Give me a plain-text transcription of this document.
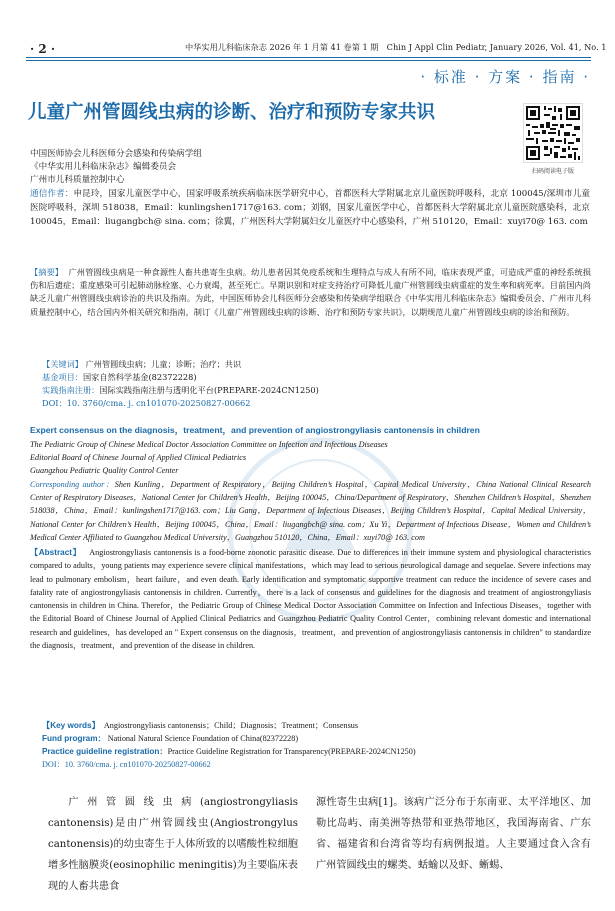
· 2 ·	中华实用儿科临床杂志 2026 年 1 月第 41 卷第 1 期　Chin J Appl Clin Pediatr, January 2026, Vol. 41, No. 1
· 标准 · 方案 · 指南 ·
儿童广州管圆线虫病的诊断、治疗和预防专家共识
扫码阅读电子版
中国医师协会儿科医师分会感染和传染病学组
《中华实用儿科临床杂志》编辑委员会
广州市儿科质量控制中心
通信作者：申昆玲，国家儿童医学中心，国家呼吸系统疾病临床医学研究中心，首都医科大学附属北京儿童医院呼吸科，北京 100045/深圳市儿童医院呼吸科，深圳 518038，Email：kunlingshen1717@163. com；刘钢，国家儿童医学中心，首都医科大学附属北京儿童医院感染科，北京 100045，Email：liugangbch@ sina. com；徐翼，广州医科大学附属妇女儿童医疗中心感染科，广州 510120，Email：xuyi70@ 163. com
【摘要】 广州管圆线虫病是一种食源性人畜共患寄生虫病。幼儿患者因其免疫系统和生理特点与成人有所不同，临床表现严重，可造成严重的神经系统损伤和后遗症；重度感染可引起肺动脉栓塞、心力衰竭，甚至死亡。早期识别和对症支持治疗可降低儿童广州管圆线虫病重症的发生率和病死率。目前国内尚缺乏儿童广州管圆线虫病诊治的共识及指南。为此，中国医师协会儿科医师分会感染和传染病学组联合《中华实用儿科临床杂志》编辑委员会、广州市儿科质量控制中心，结合国内外相关研究和指南，制订《儿童广州管圆线虫病的诊断、治疗和预防专家共识》，以期规范儿童广州管圆线虫病的诊治和预防。
【关键词】 广州管圆线虫病；儿童；诊断；治疗；共识
基金项目：国家自然科学基金(82372228)
实践指南注册：国际实践指南注册与透明化平台(PREPARE-2024CN1250)
DOI：10. 3760/cma. j. cn101070-20250827-00662
Expert consensus on the diagnosis，treatment，and prevention of angiostrongyliasis cantonensis in children
The Pediatric Group of Chinese Medical Doctor Association Committee on Infection and Infectious Diseases
Editorial Board of Chinese Journal of Applied Clinical Pediatrics
Guangzhou Pediatric Quality Control Center
Corresponding author：Shen Kunling，Department of Respiratory，Beijing Children’s Hospital，Capital Medical University，China National Clinical Research Center of Respiratory Diseases，National Center for Children’s Health，Beijing 100045，China/Department of Respiratory，Shenzhen Children’s Hospital，Shenzhen 518038，China，Email：kunlingshen1717@163. com；Liu Gang，Department of Infectious Diseases，Beijing Children’s Hospital，Capital Medical University，National Center for Children’s Health，Beijing 100045，China，Email：liugangbch@ sina. com；Xu Yi，Department of Infectious Disease，Women and Children’s Medical Center Affiliated to Guangzhou Medical University，Guangzhou 510120，China，Email：xuyi70@ 163. com
【Abstract】 Angiostrongyliasis cantonensis is a food-borne zoonotic parasitic disease. Due to differences in their immune system and physiological characteristics compared to adults，young patients may experience severe clinical manifestations，which may lead to serious neurological damage and sequelae. Severe infections may lead to pulmonary embolism，heart failure，and even death. Early identification and symptomatic supportive treatment can reduce the incidence of severe cases and fatality rate of angiostrongyliasis cantonensis in children. Currently，there is a lack of consensus and guidelines for the diagnosis and treatment of angiostrongyliasis cantonensis in children in China. Therefor，the Pediatric Group of Chinese Medical Doctor Association Committee on Infection and Infectious Diseases，together with the Editorial Board of Chinese Journal of Applied Clinical Pediatrics and Guangzhou Pediatric Quality Control Center，combining relevant domestic and international research and guidelines，has developed an " Expert consensus on the diagnosis，treatment，and prevention of angiostrongyliasis cantonensis in children" to standardize the diagnosis，treatment，and prevention of the disease in children.
【Key words】 Angiostrongyliasis cantonensis；Child；Diagnosis；Treatment；Consensus
Fund program： National Natural Science Foundation of China(82372228)
Practice guideline registration：Practice Guideline Registration for Transparency(PREPARE-2024CN1250)
DOI：10. 3760/cma. j. cn101070-20250827-00662
广州管圆线虫病(angiostrongyliasis cantonensis)是由广州管圆线虫(Angiostrongylus cantonensis)的幼虫寄生于人体所致的以嗜酸性粒细胞增多性脑膜炎(eosinophilic meningitis)为主要临床表现的人畜共患食
源性寄生虫病[1]。该病广泛分布于东南亚、太平洋地区、加勒比岛屿、南美洲等热带和亚热带地区，我国海南省、广东省、福建省和台湾省等均有病例报道。人主要通过食入含有广州管圆线虫的螺类、蛞蝓以及虾、蜥蜴、
